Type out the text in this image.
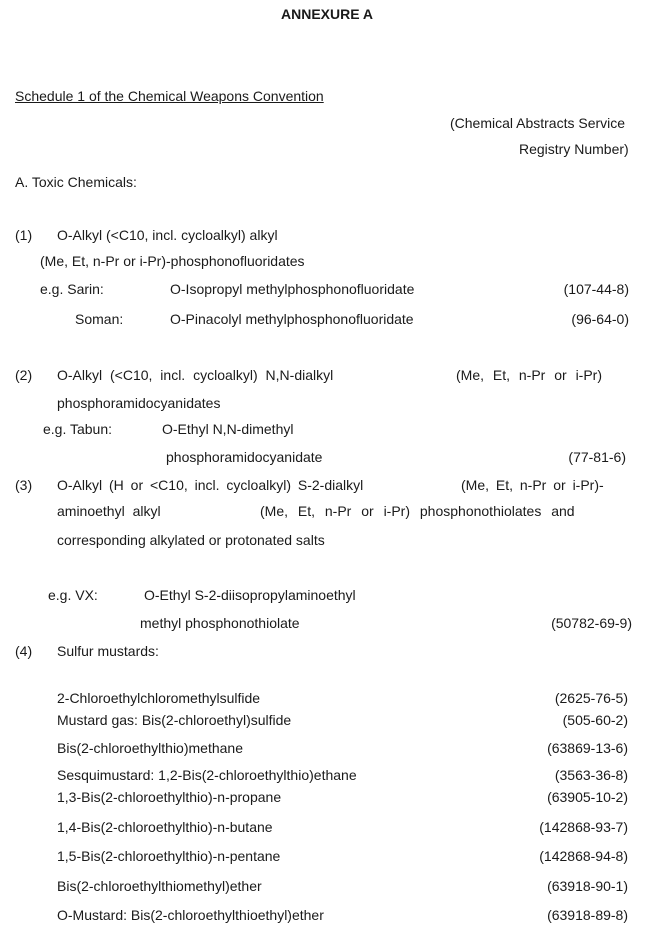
ANNEXURE A
Schedule 1 of the Chemical Weapons Convention
(Chemical Abstracts Service
Registry Number)
A. Toxic Chemicals:
(1) O-Alkyl (<C10, incl. cycloalkyl) alkyl
(Me, Et, n-Pr or i-Pr)-phosphonofluoridates
e.g. Sarin:	O-Isopropyl methylphosphonofluoridate	(107-44-8)
Soman:	O-Pinacolyl methylphosphonofluoridate	(96-64-0)
(2) O-Alkyl (<C10, incl. cycloalkyl) N,N-dialkyl	(Me, Et, n-Pr or i-Pr)
phosphoramidocyanidates
e.g. Tabun:	O-Ethyl N,N-dimethyl
phosphoramidocyanidate	(77-81-6)
(3) O-Alkyl (H or <C10, incl. cycloalkyl) S-2-dialkyl	(Me, Et, n-Pr or i-Pr)-
aminoethyl alkyl	(Me, Et, n-Pr or i-Pr) phosphonothiolates and
corresponding alkylated or protonated salts
e.g. VX:	O-Ethyl S-2-diisopropylaminoethyl
methyl phosphonothiolate	(50782-69-9)
(4) Sulfur mustards:
2-Chloroethylchloromethylsulfide	(2625-76-5)
Mustard gas: Bis(2-chloroethyl)sulfide	(505-60-2)
Bis(2-chloroethylthio)methane	(63869-13-6)
Sesquimustard: 1,2-Bis(2-chloroethylthio)ethane	(3563-36-8)
1,3-Bis(2-chloroethylthio)-n-propane	(63905-10-2)
1,4-Bis(2-chloroethylthio)-n-butane	(142868-93-7)
1,5-Bis(2-chloroethylthio)-n-pentane	(142868-94-8)
Bis(2-chloroethylthiomethyl)ether	(63918-90-1)
O-Mustard: Bis(2-chloroethylthioethyl)ether	(63918-89-8)
